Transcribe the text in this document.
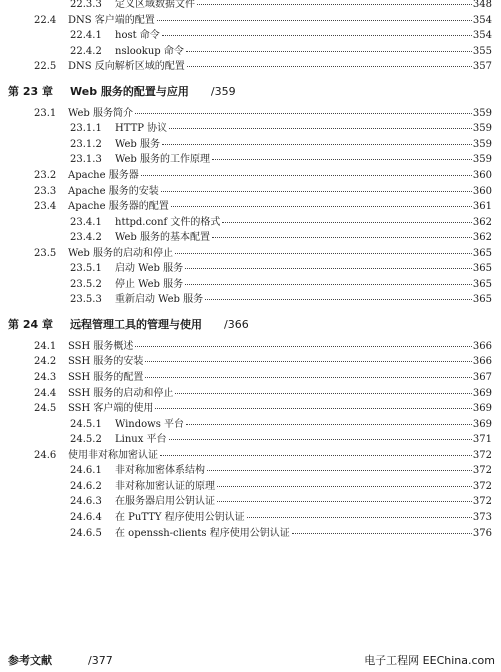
22.3.3 定义区域数据文件	348
22.4 DNS 客户端的配置	354
22.4.1 host 命令	354
22.4.2 nslookup 命令	355
22.5 DNS 反向解析区域的配置	357
第 23 章 Web 服务的配置与应用 /359
23.1 Web 服务简介	359
23.1.1 HTTP 协议	359
23.1.2 Web 服务	359
23.1.3 Web 服务的工作原理	359
23.2 Apache 服务器	360
23.3 Apache 服务的安装	360
23.4 Apache 服务器的配置	361
23.4.1 httpd.conf 文件的格式	362
23.4.2 Web 服务的基本配置	362
23.5 Web 服务的启动和停止	365
23.5.1 启动 Web 服务	365
23.5.2 停止 Web 服务	365
23.5.3 重新启动 Web 服务	365
第 24 章 远程管理工具的管理与使用 /366
24.1 SSH 服务概述	366
24.2 SSH 服务的安装	366
24.3 SSH 服务的配置	367
24.4 SSH 服务的启动和停止	369
24.5 SSH 客户端的使用	369
24.5.1 Windows 平台	369
24.5.2 Linux 平台	371
24.6 使用非对称加密认证	372
24.6.1 非对称加密体系结构	372
24.6.2 非对称加密认证的原理	372
24.6.3 在服务器启用公钥认证	372
24.6.4 在 PuTTY 程序使用公钥认证	373
24.6.5 在 openssh-clients 程序使用公钥认证	376
参考文献	/377	电子工程网 EEChina.com
